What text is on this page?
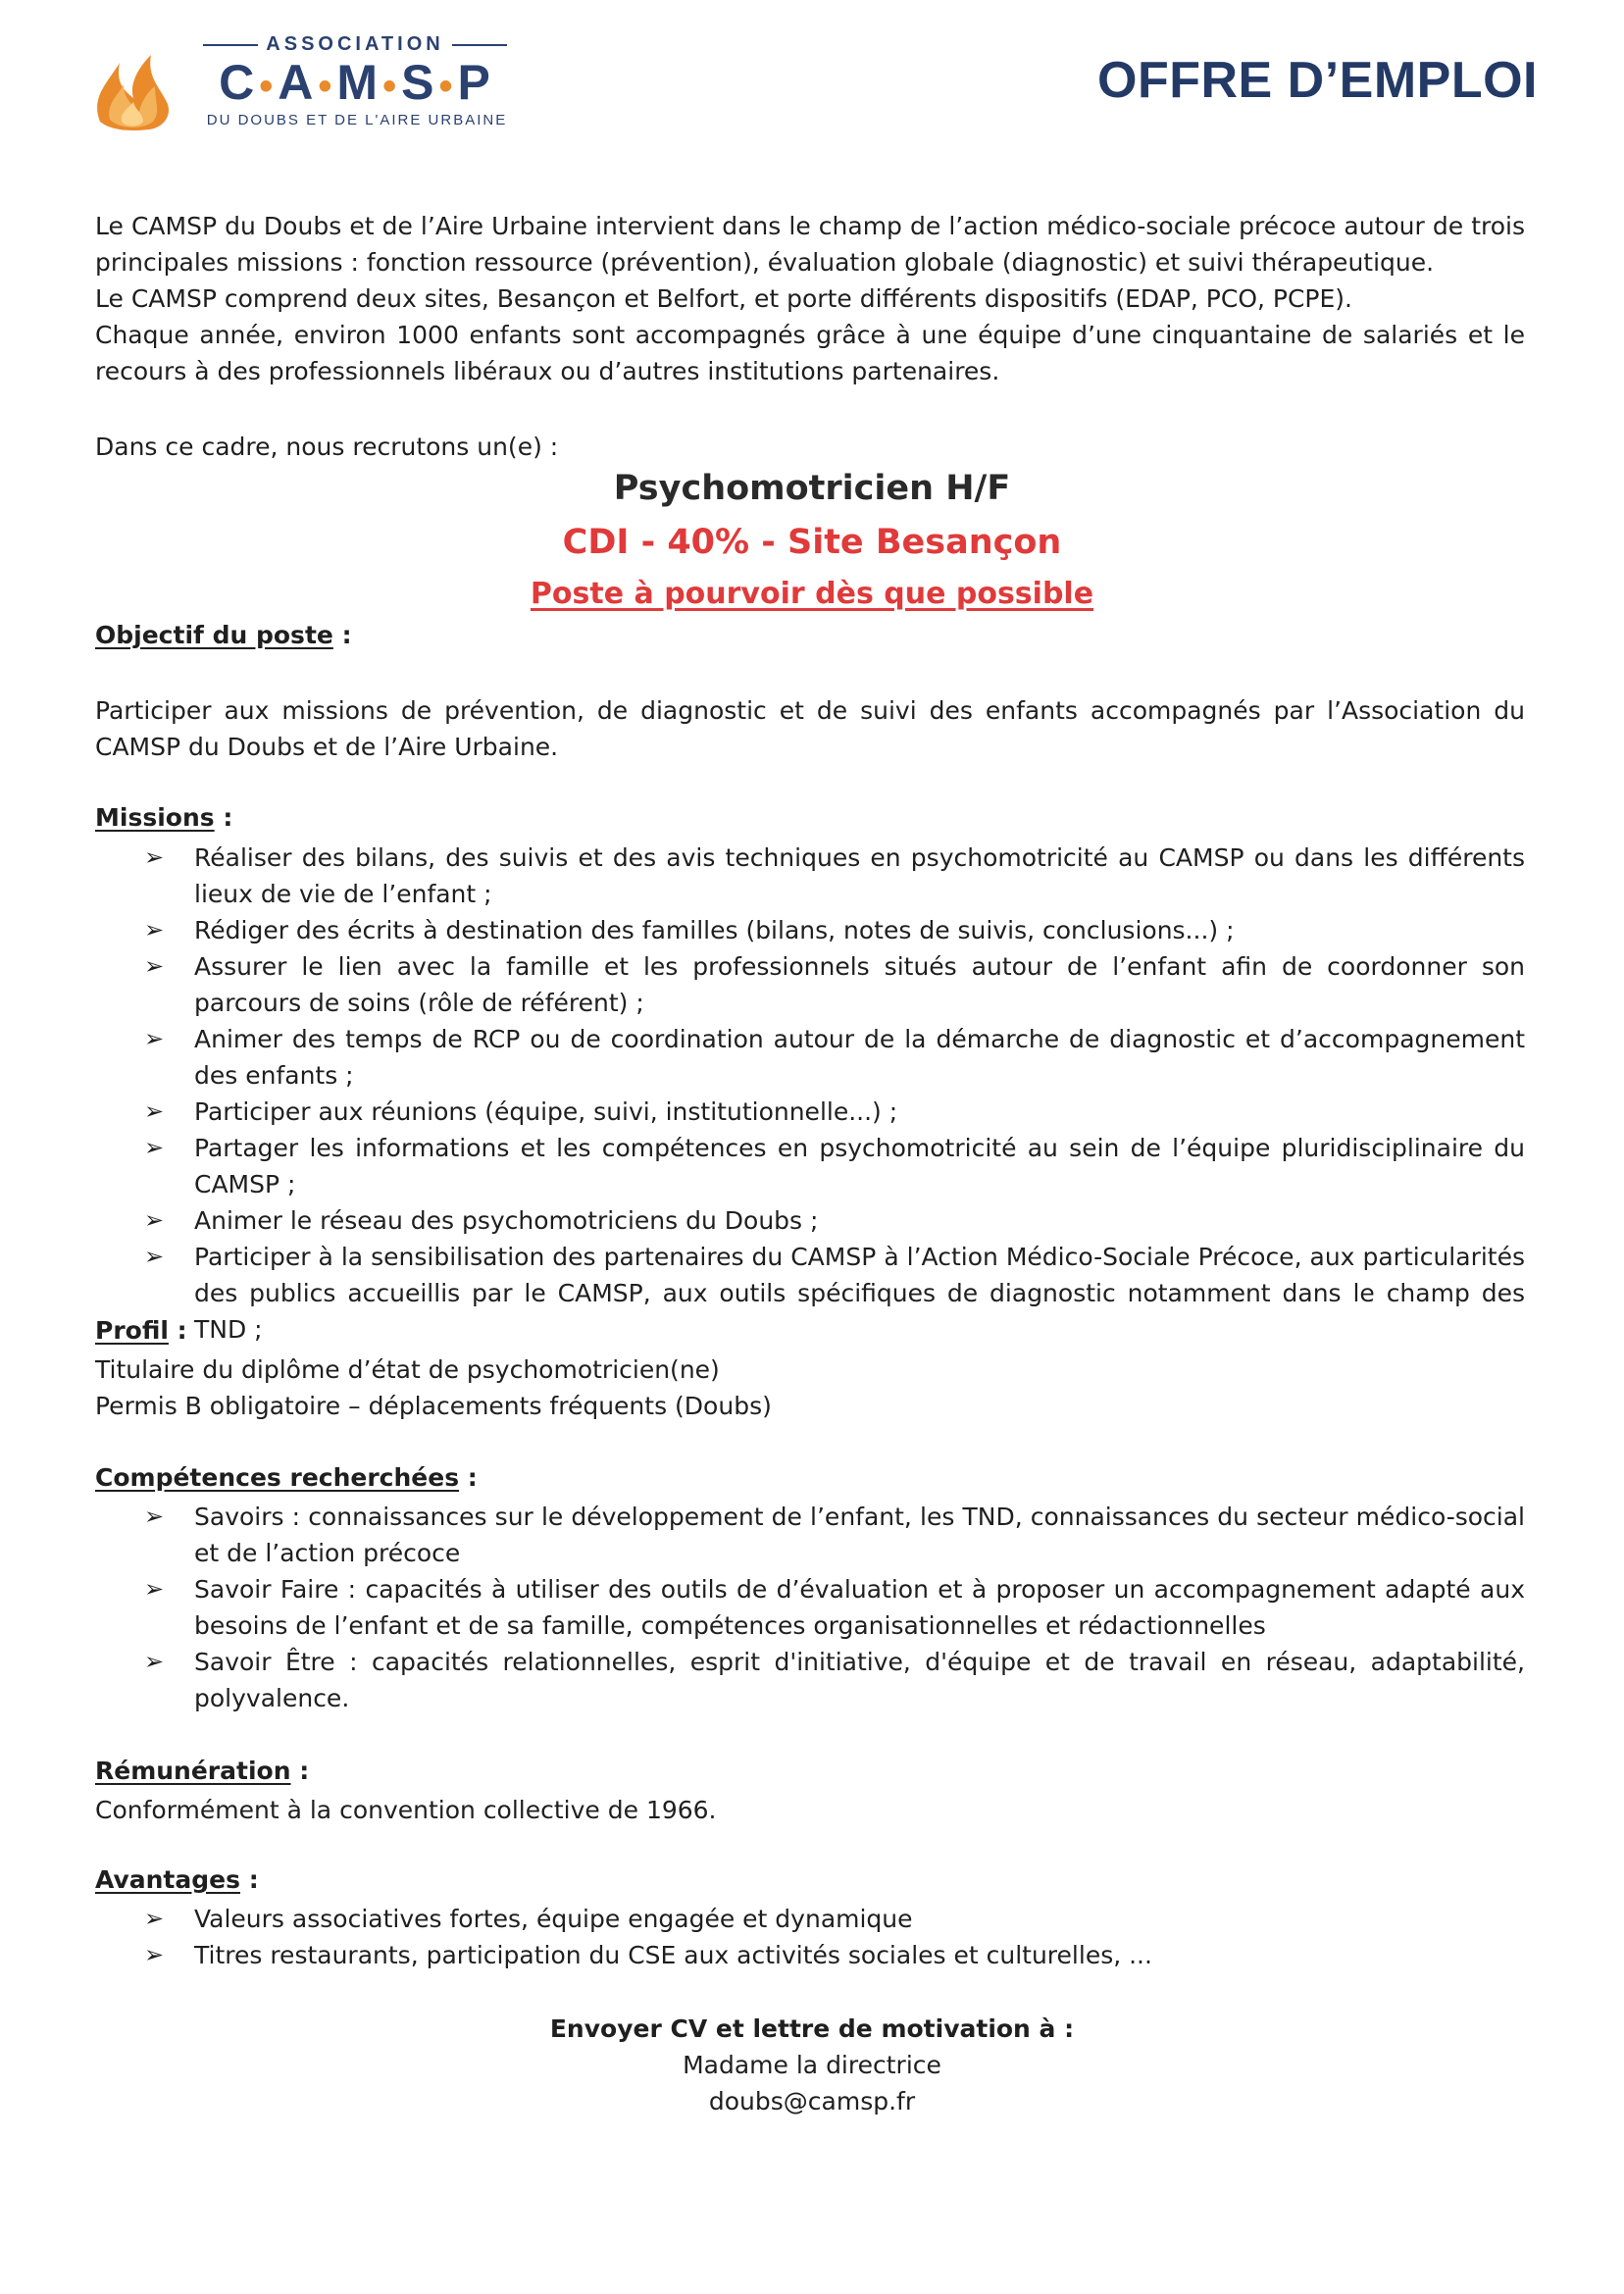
ASSOCIATION
C•A•M•S•P
DU DOUBS ET DE L'AIRE URBAINE
OFFRE D’EMPLOI
Le CAMSP du Doubs et de l’Aire Urbaine intervient dans le champ de l’action médico-sociale précoce autour de trois principales missions : fonction ressource (prévention), évaluation globale (diagnostic) et suivi thérapeutique.
Le CAMSP comprend deux sites, Besançon et Belfort, et porte différents dispositifs (EDAP, PCO, PCPE).
Chaque année, environ 1000 enfants sont accompagnés grâce à une équipe d’une cinquantaine de salariés et le recours à des professionnels libéraux ou d’autres institutions partenaires.
Dans ce cadre, nous recrutons un(e) :
Psychomotricien H/F
CDI - 40% - Site Besançon
Poste à pourvoir dès que possible
Objectif du poste :
Participer aux missions de prévention, de diagnostic et de suivi des enfants accompagnés par l’Association du CAMSP du Doubs et de l’Aire Urbaine.
Missions :
➢ Réaliser des bilans, des suivis et des avis techniques en psychomotricité au CAMSP ou dans les différents lieux de vie de l’enfant ;
➢ Rédiger des écrits à destination des familles (bilans, notes de suivis, conclusions...) ;
➢ Assurer le lien avec la famille et les professionnels situés autour de l’enfant afin de coordonner son parcours de soins (rôle de référent) ;
➢ Animer des temps de RCP ou de coordination autour de la démarche de diagnostic et d’accompagnement des enfants ;
➢ Participer aux réunions (équipe, suivi, institutionnelle...) ;
➢ Partager les informations et les compétences en psychomotricité au sein de l’équipe pluridisciplinaire du CAMSP ;
➢ Animer le réseau des psychomotriciens du Doubs ;
➢ Participer à la sensibilisation des partenaires du CAMSP à l’Action Médico-Sociale Précoce, aux particularités des publics accueillis par le CAMSP, aux outils spécifiques de diagnostic notamment dans le champ des TND ;
Profil :
Titulaire du diplôme d’état de psychomotricien(ne)
Permis B obligatoire – déplacements fréquents (Doubs)
Compétences recherchées :
➢ Savoirs : connaissances sur le développement de l’enfant, les TND, connaissances du secteur médico-social et de l’action précoce
➢ Savoir Faire : capacités à utiliser des outils de d’évaluation et à proposer un accompagnement adapté aux besoins de l’enfant et de sa famille, compétences organisationnelles et rédactionnelles
➢ Savoir Être : capacités relationnelles, esprit d'initiative, d'équipe et de travail en réseau, adaptabilité, polyvalence.
Rémunération :
Conformément à la convention collective de 1966.
Avantages :
➢ Valeurs associatives fortes, équipe engagée et dynamique
➢ Titres restaurants, participation du CSE aux activités sociales et culturelles, ...
Envoyer CV et lettre de motivation à :
Madame la directrice
doubs@camsp.fr
